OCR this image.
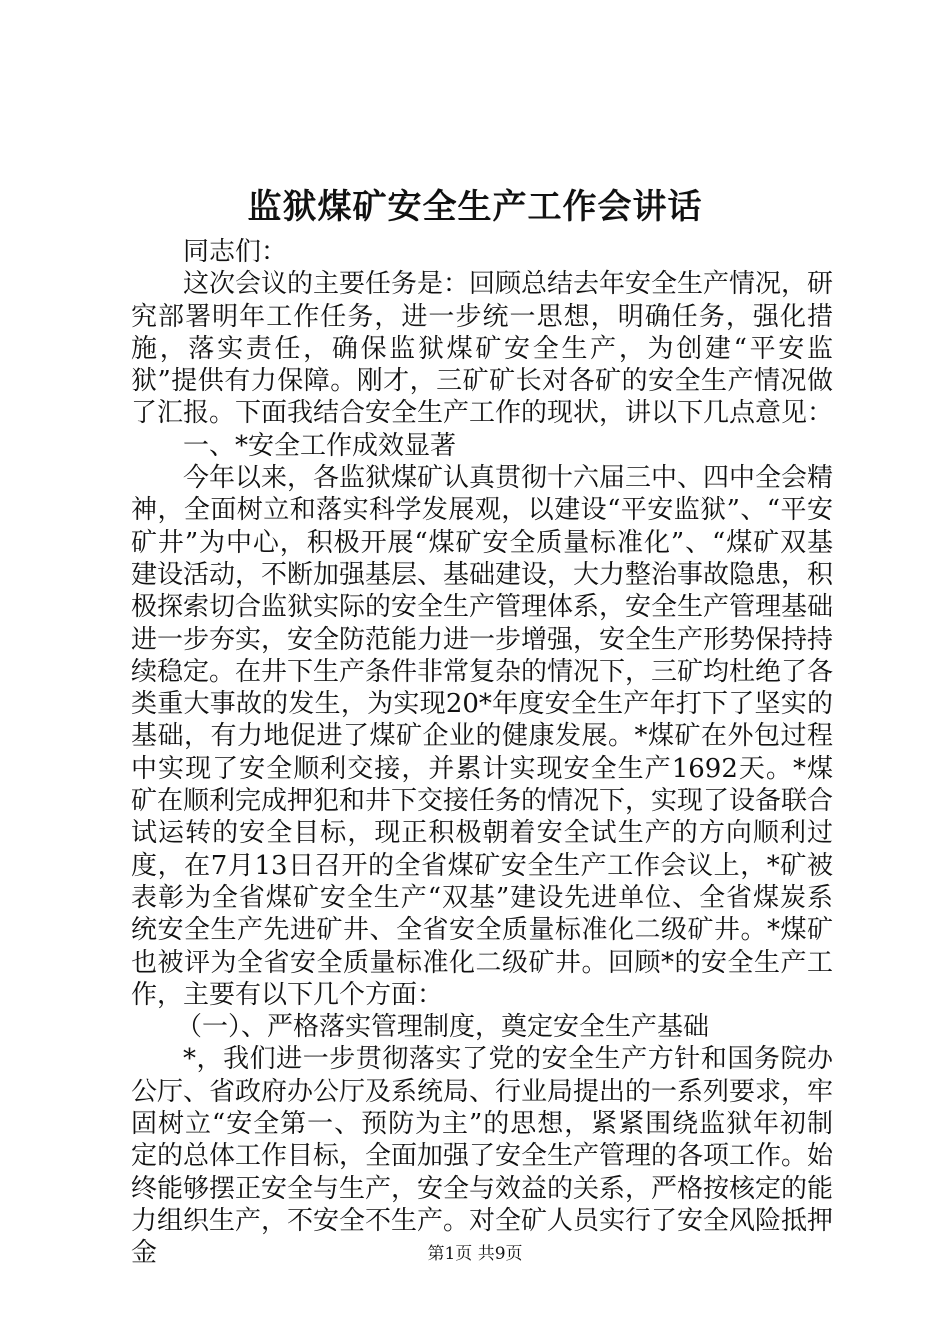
监狱煤矿安全生产工作会讲话

同志们：

这次会议的主要任务是：回顾总结去年安全生产情况，研究部署明年工作任务，进一步统一思想，明确任务，强化措施，落实责任，确保监狱煤矿安全生产，为创建“平安监狱”提供有力保障。刚才，三矿矿长对各矿的安全生产情况做了汇报。下面我结合安全生产工作的现状，讲以下几点意见：

一、*安全工作成效显著

今年以来，各监狱煤矿认真贯彻十六届三中、四中全会精神，全面树立和落实科学发展观，以建设“平安监狱”、“平安矿井”为中心，积极开展“煤矿安全质量标准化”、“煤矿双基建设活动，不断加强基层、基础建设，大力整治事故隐患，积极探索切合监狱实际的安全生产管理体系，安全生产管理基础进一步夯实，安全防范能力进一步增强，安全生产形势保持持续稳定。在井下生产条件非常复杂的情况下，三矿均杜绝了各类重大事故的发生，为实现20*年度安全生产年打下了坚实的基础，有力地促进了煤矿企业的健康发展。*煤矿在外包过程中实现了安全顺利交接，并累计实现安全生产1692天。*煤矿在顺利完成押犯和井下交接任务的情况下，实现了设备联合试运转的安全目标，现正积极朝着安全试生产的方向顺利过度，在7月13日召开的全省煤矿安全生产工作会议上，*矿被表彰为全省煤矿安全生产“双基”建设先进单位、全省煤炭系统安全生产先进矿井、全省安全质量标准化二级矿井。*煤矿也被评为全省安全质量标准化二级矿井。回顾*的安全生产工作，主要有以下几个方面：

（一）、严格落实管理制度，奠定安全生产基础

*，我们进一步贯彻落实了党的安全生产方针和国务院办公厅、省政府办公厅及系统局、行业局提出的一系列要求，牢固树立“安全第一、预防为主”的思想，紧紧围绕监狱年初制定的总体工作目标，全面加强了安全生产管理的各项工作。始终能够摆正安全与生产，安全与效益的关系，严格按核定的能力组织生产，不安全不生产。对全矿人员实行了安全风险抵押金	第1页 共9页
